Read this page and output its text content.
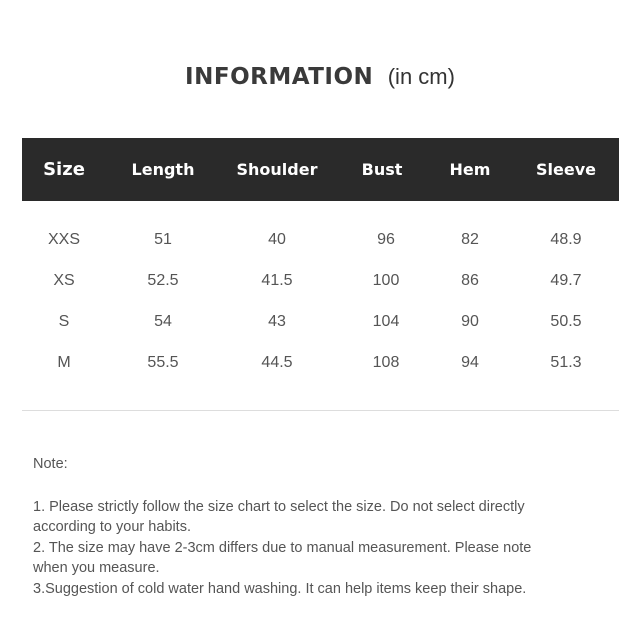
INFORMATION (in cm)
Size	Length	Shoulder	Bust	Hem	Sleeve
XXS	51	40	96	82	48.9
XS	52.5	41.5	100	86	49.7
S	54	43	104	90	50.5
M	55.5	44.5	108	94	51.3
Note:
1. Please strictly follow the size chart to select the size. Do not select directly
according to your habits.
2. The size may have 2-3cm differs due to manual measurement. Please note
when you measure.
3.Suggestion of cold water hand washing. It can help items keep their shape.
